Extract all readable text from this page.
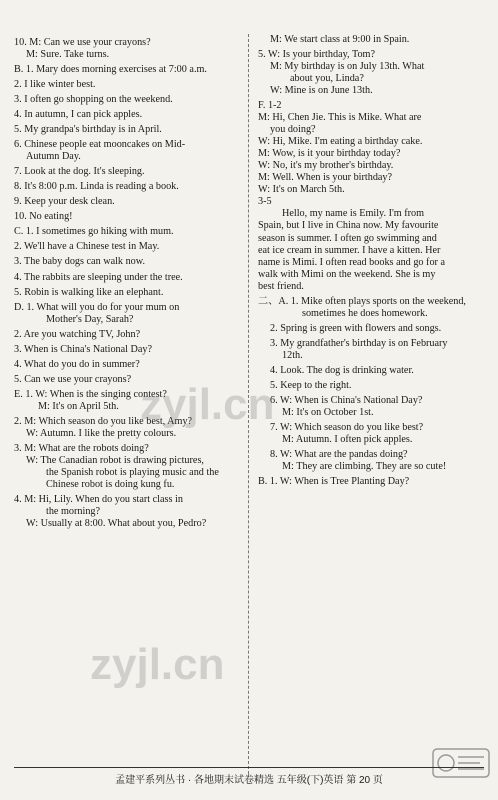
10. M: Can we use your crayons?

M: Sure. Take turns.

B. 1. Mary does morning exercises at 7:00 a.m.

2. I like winter best.

3. I often go shopping on the weekend.

4. In autumn, I can pick apples.

5. My grandpa's birthday is in April.

6. Chinese people eat mooncakes on Mid-

Autumn Day.

7. Look at the dog. It's sleeping.

8. It's 8:00 p.m. Linda is reading a book.

9. Keep your desk clean.

10. No eating!

C. 1. I sometimes go hiking with mum.

2. We'll have a Chinese test in May.

3. The baby dogs can walk now.

4. The rabbits are sleeping under the tree.

5. Robin is walking like an elephant.

D. 1. What will you do for your mum on

Mother's Day, Sarah?

2. Are you watching TV, John?

3. When is China's National Day?

4. What do you do in summer?

5. Can we use your crayons?

E. 1. W: When is the singing contest?

M: It's on April 5th.

2. M: Which season do you like best, Amy?

W: Autumn. I like the pretty colours.

3. M: What are the robots doing?

W: The Canadian robot is drawing pictures,

the Spanish robot is playing music and the

Chinese robot is doing kung fu.

4. M: Hi, Lily. When do you start class in

the morning?

W: Usually at 8:00. What about you, Pedro?

M: We start class at 9:00 in Spain.

5. W: Is your birthday, Tom?

M: My birthday is on July 13th. What

about you, Linda?

W: Mine is on June 13th.

F. 1-2

M: Hi, Chen Jie. This is Mike. What are

you doing?

W: Hi, Mike. I'm eating a birthday cake.

M: Wow, is it your birthday today?

W: No, it's my brother's birthday.

M: Well. When is your birthday?

W: It's on March 5th.

3-5

Hello, my name is Emily. I'm from

Spain, but I live in China now. My favourite

season is summer. I often go swimming and

eat ice cream in summer. I have a kitten. Her

name is Mimi. I often read books and go for a

walk with Mimi on the weekend. She is my

best friend.

二、A. 1. Mike often plays sports on the weekend,

sometimes he does homework.

2. Spring is green with flowers and songs.

3. My grandfather's birthday is on February

12th.

4. Look. The dog is drinking water.

5. Keep to the right.

6. W: When is China's National Day?

M: It's on October 1st.

7. W: Which season do you like best?

M: Autumn. I often pick apples.

8. W: What are the pandas doing?

M: They are climbing. They are so cute!

B. 1. W: When is Tree Planting Day?

zyjl.cn
zyjl.cn
孟建平系列丛书 · 各地期末试卷精选 五年级(下)英语 第 20 页
